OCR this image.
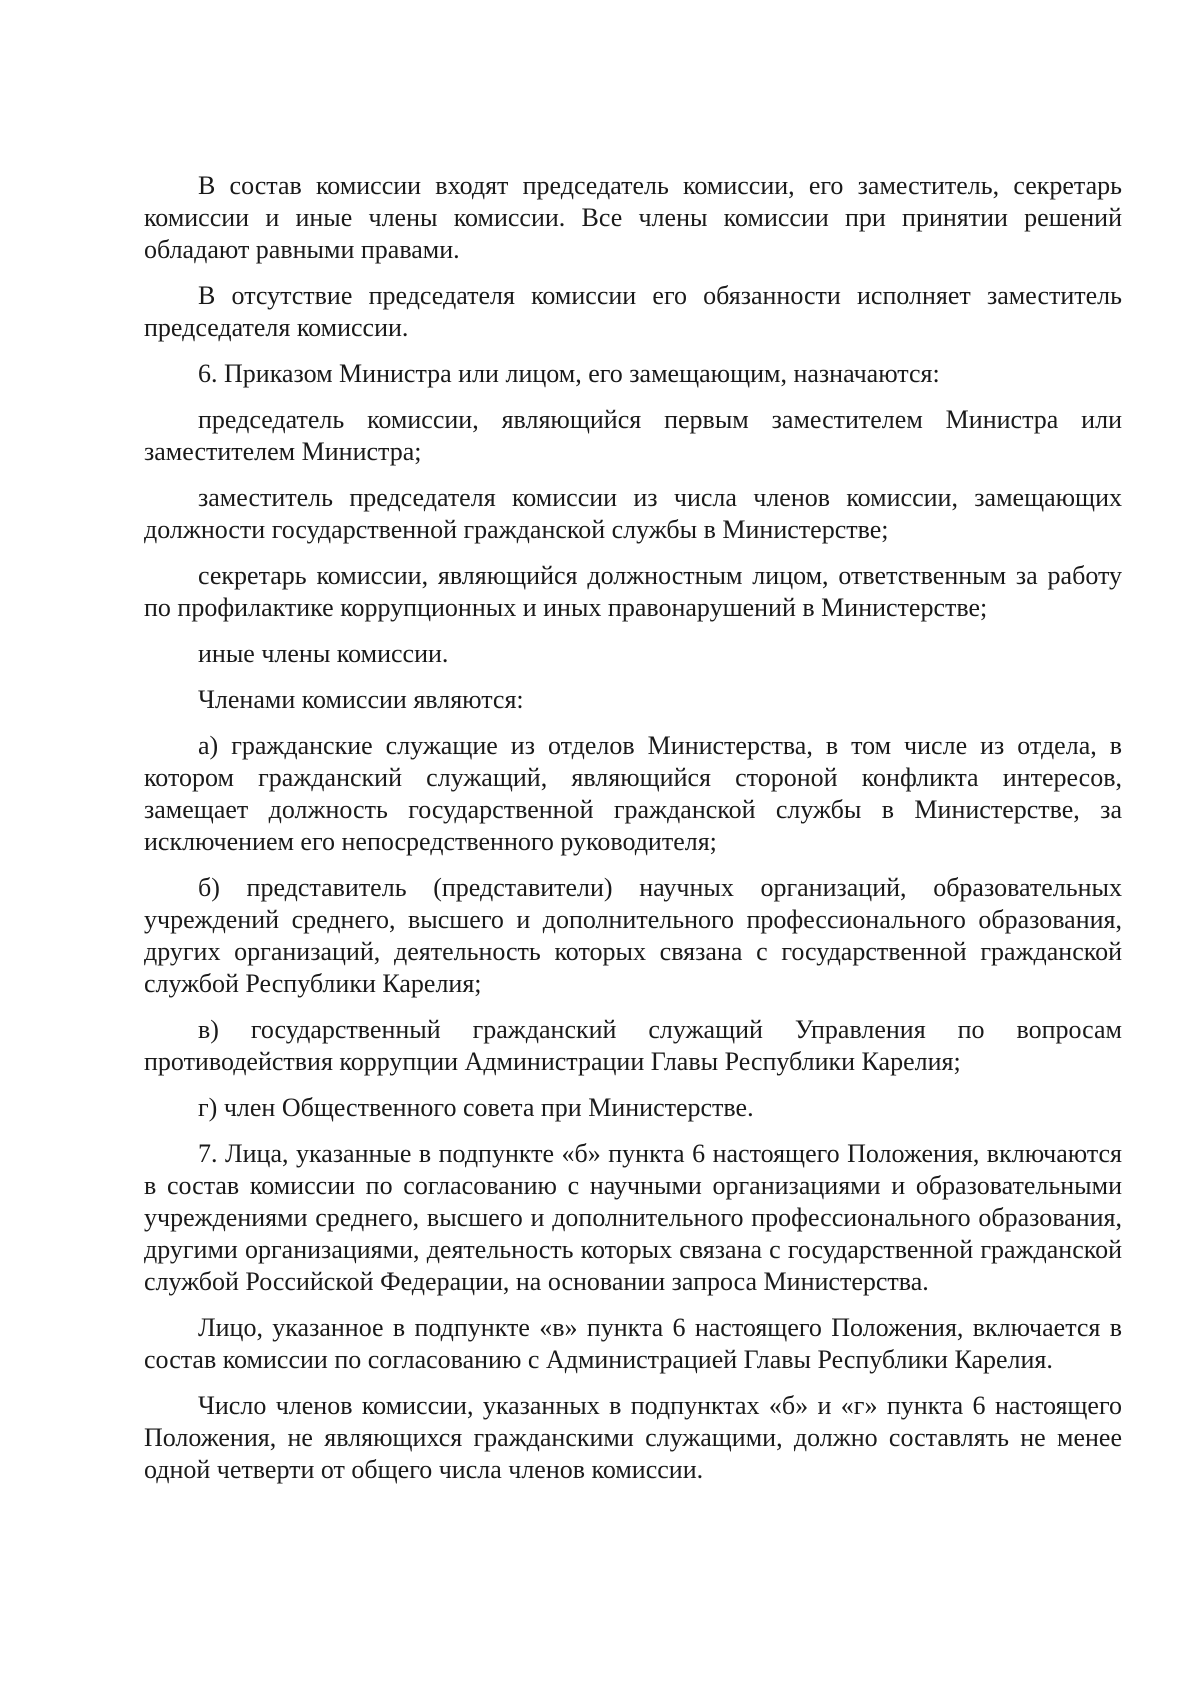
В состав комиссии входят председатель комиссии, его заместитель, секретарь комиссии и иные члены комиссии. Все члены комиссии при принятии решений обладают равными правами.

В отсутствие председателя комиссии его обязанности исполняет заместитель председателя комиссии.

6. Приказом Министра или лицом, его замещающим, назначаются:

председатель комиссии, являющийся первым заместителем Министра или заместителем Министра;

заместитель председателя комиссии из числа членов комиссии, замещающих должности государственной гражданской службы в Министерстве;

секретарь комиссии, являющийся должностным лицом, ответственным за работу по профилактике коррупционных и иных правонарушений в Министерстве;

иные члены комиссии.

Членами комиссии являются:

а) гражданские служащие из отделов Министерства, в том числе из отдела, в котором гражданский служащий, являющийся стороной конфликта интересов, замещает должность государственной гражданской службы в Министерстве, за исключением его непосредственного руководителя;

б) представитель (представители) научных организаций, образовательных учреждений среднего, высшего и дополнительного профессионального образования, других организаций, деятельность которых связана с государственной гражданской службой Республики Карелия;

в) государственный гражданский служащий Управления по вопросам противодействия коррупции Администрации Главы Республики Карелия;

г) член Общественного совета при Министерстве.

7. Лица, указанные в подпункте «б» пункта 6 настоящего Положения, включаются в состав комиссии по согласованию с научными организациями и образовательными учреждениями среднего, высшего и дополнительного профессионального образования, другими организациями, деятельность которых связана с государственной гражданской службой Российской Федерации, на основании запроса Министерства.

Лицо, указанное в подпункте «в» пункта 6 настоящего Положения, включается в состав комиссии по согласованию с Администрацией Главы Республики Карелия.

Число членов комиссии, указанных в подпунктах «б» и «г» пункта 6 настоящего Положения, не являющихся гражданскими служащими, должно составлять не менее одной четверти от общего числа членов комиссии.
